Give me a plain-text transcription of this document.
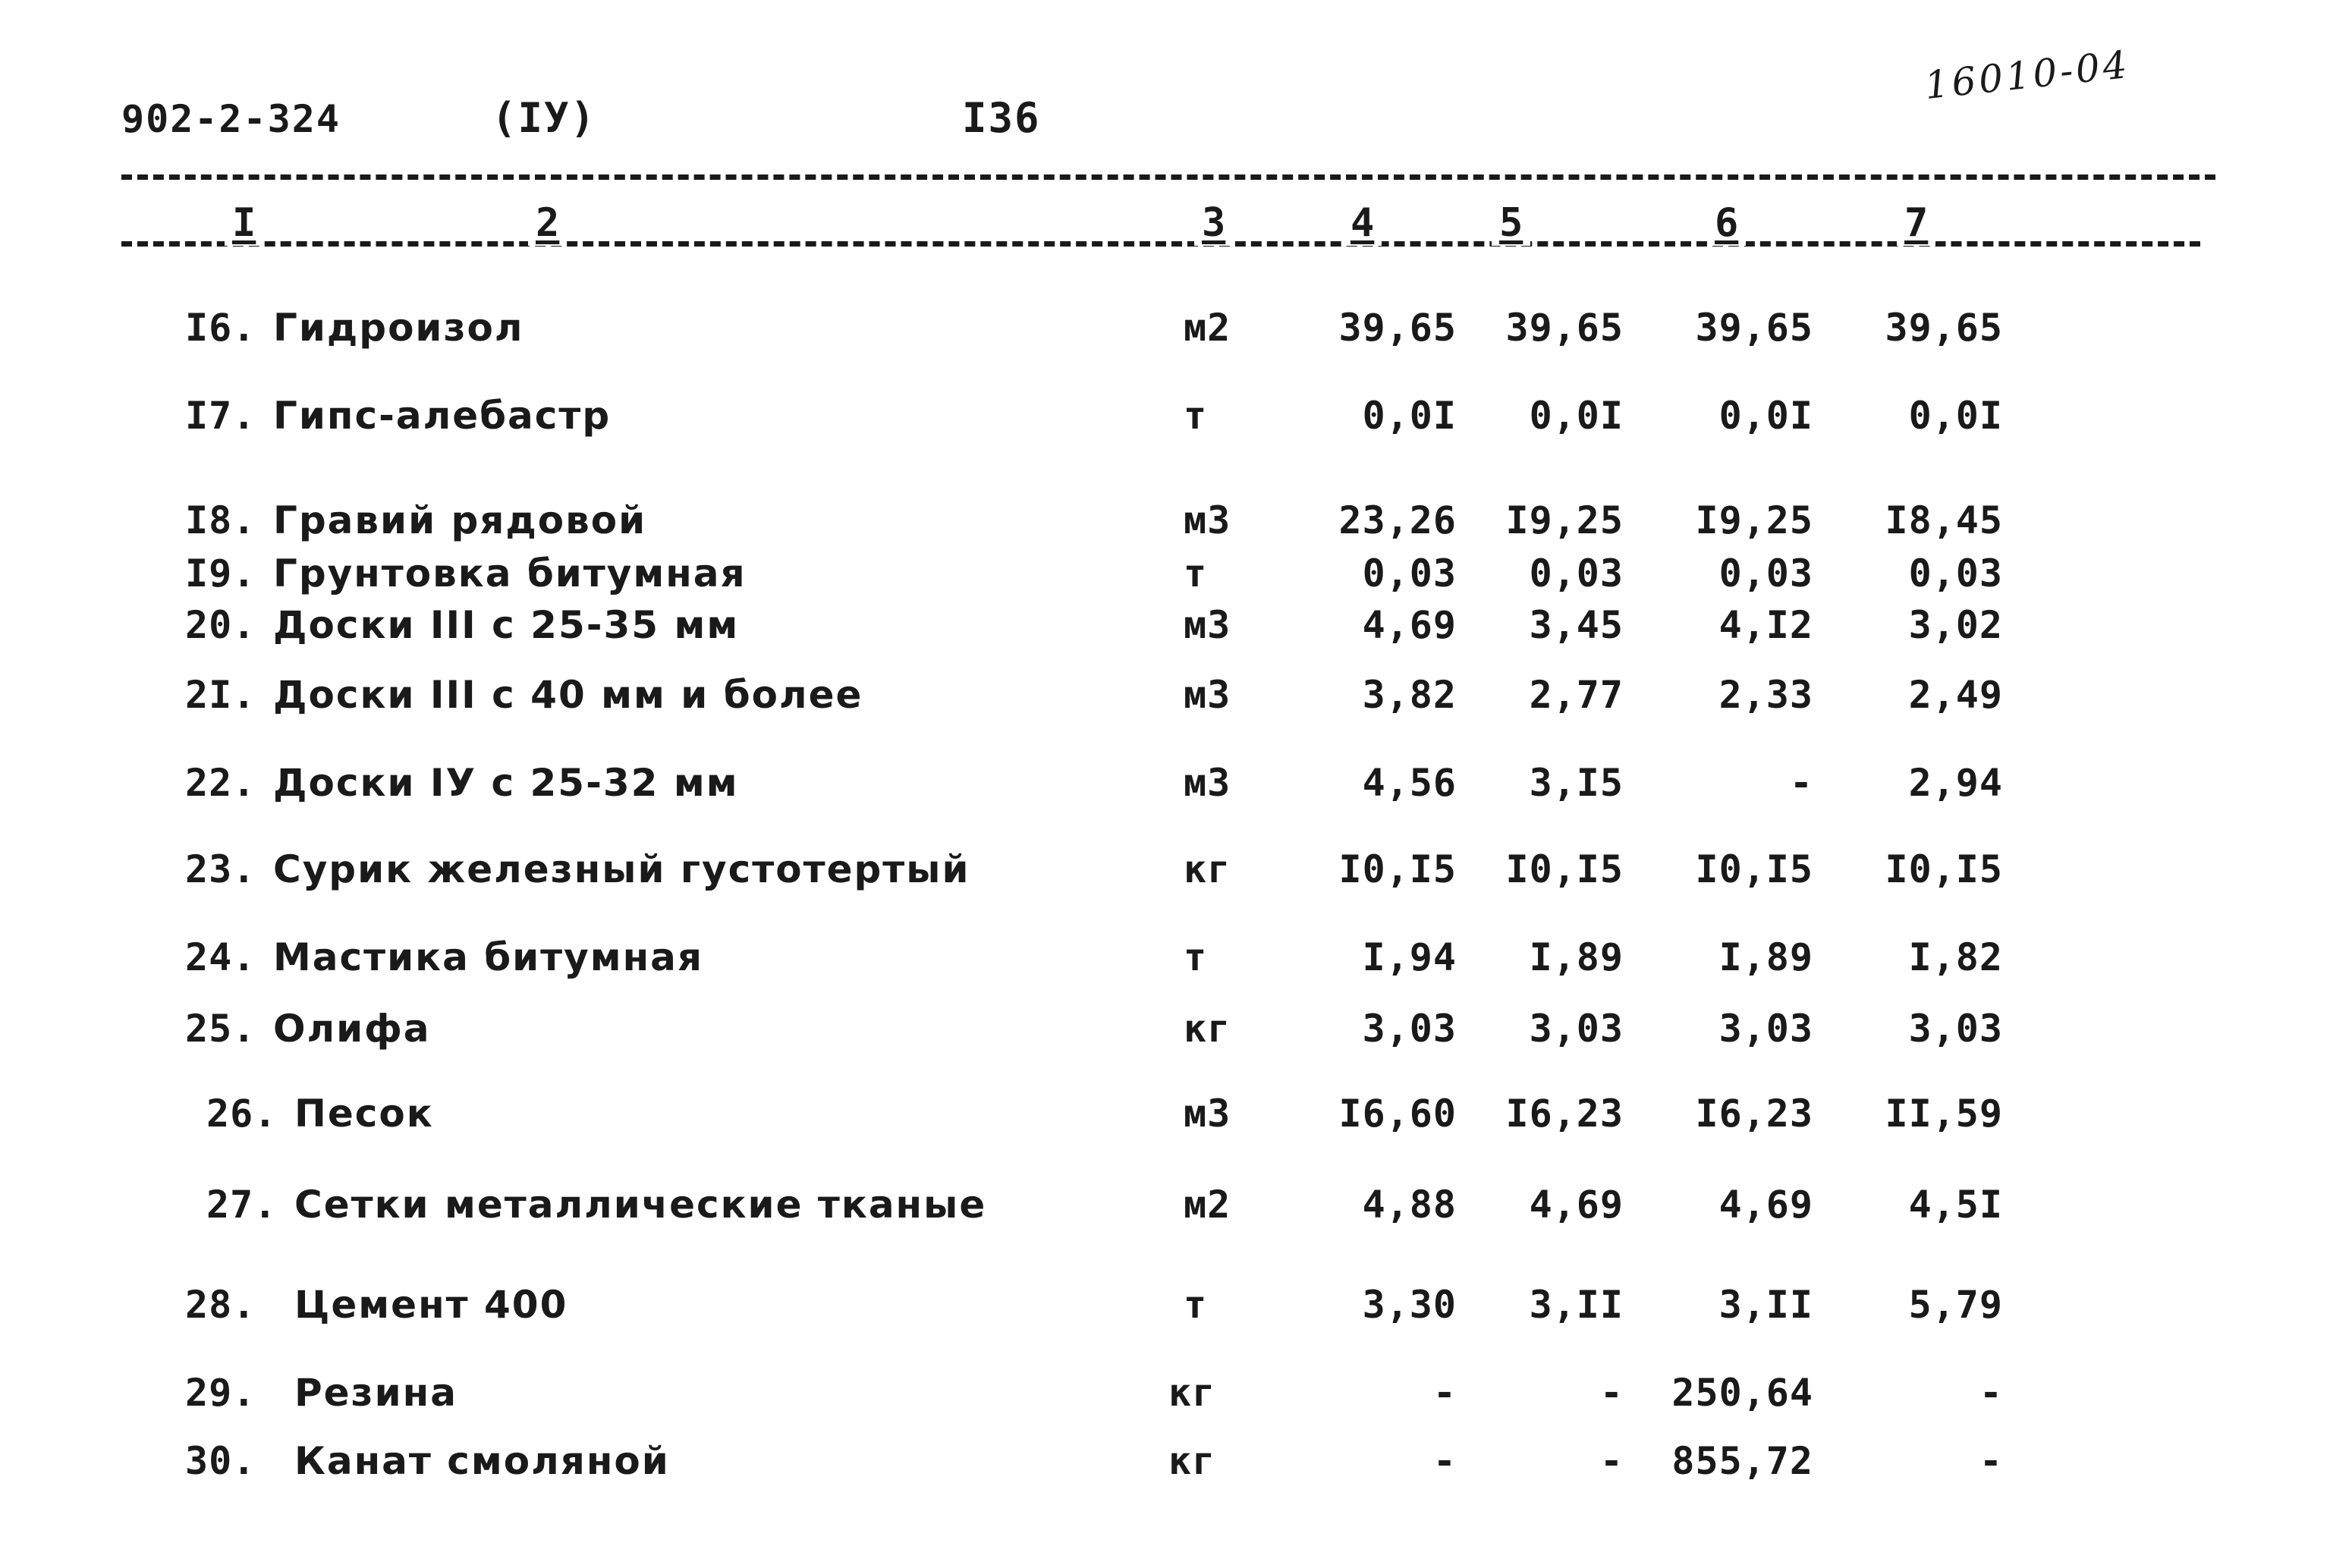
902-2-324	(IУ)	I36
16010-04
I	2	3	4	5	6	7
I6. Гидроизол	м2	39,65	39,65	39,65	39,65
I7. Гипс-алебастр	т	0,0I	0,0I	0,0I	0,0I
I8. Гравий рядовой	м3	23,26	I9,25	I9,25	I8,45
I9. Грунтовка битумная	т	0,03	0,03	0,03	0,03
20. Доски III с 25-35 мм	м3	4,69	3,45	4,I2	3,02
2I. Доски III с 40 мм и более	м3	3,82	2,77	2,33	2,49
22. Доски IУ с 25-32 мм	м3	4,56	3,I5	-	2,94
23. Сурик железный густотертый	кг	I0,I5	I0,I5	I0,I5	I0,I5
24. Мастика битумная	т	I,94	I,89	I,89	I,82
25. Олифа	кг	3,03	3,03	3,03	3,03
26. Песок	м3	I6,60	I6,23	I6,23	II,59
27. Сетки металлические тканые	м2	4,88	4,69	4,69	4,5I
28.	Цемент 400	т	3,30	3,II	3,II	5,79
29.	Резина	кг	-	-	250,64	-
30.	Канат смоляной	кг	-	-	855,72	-
